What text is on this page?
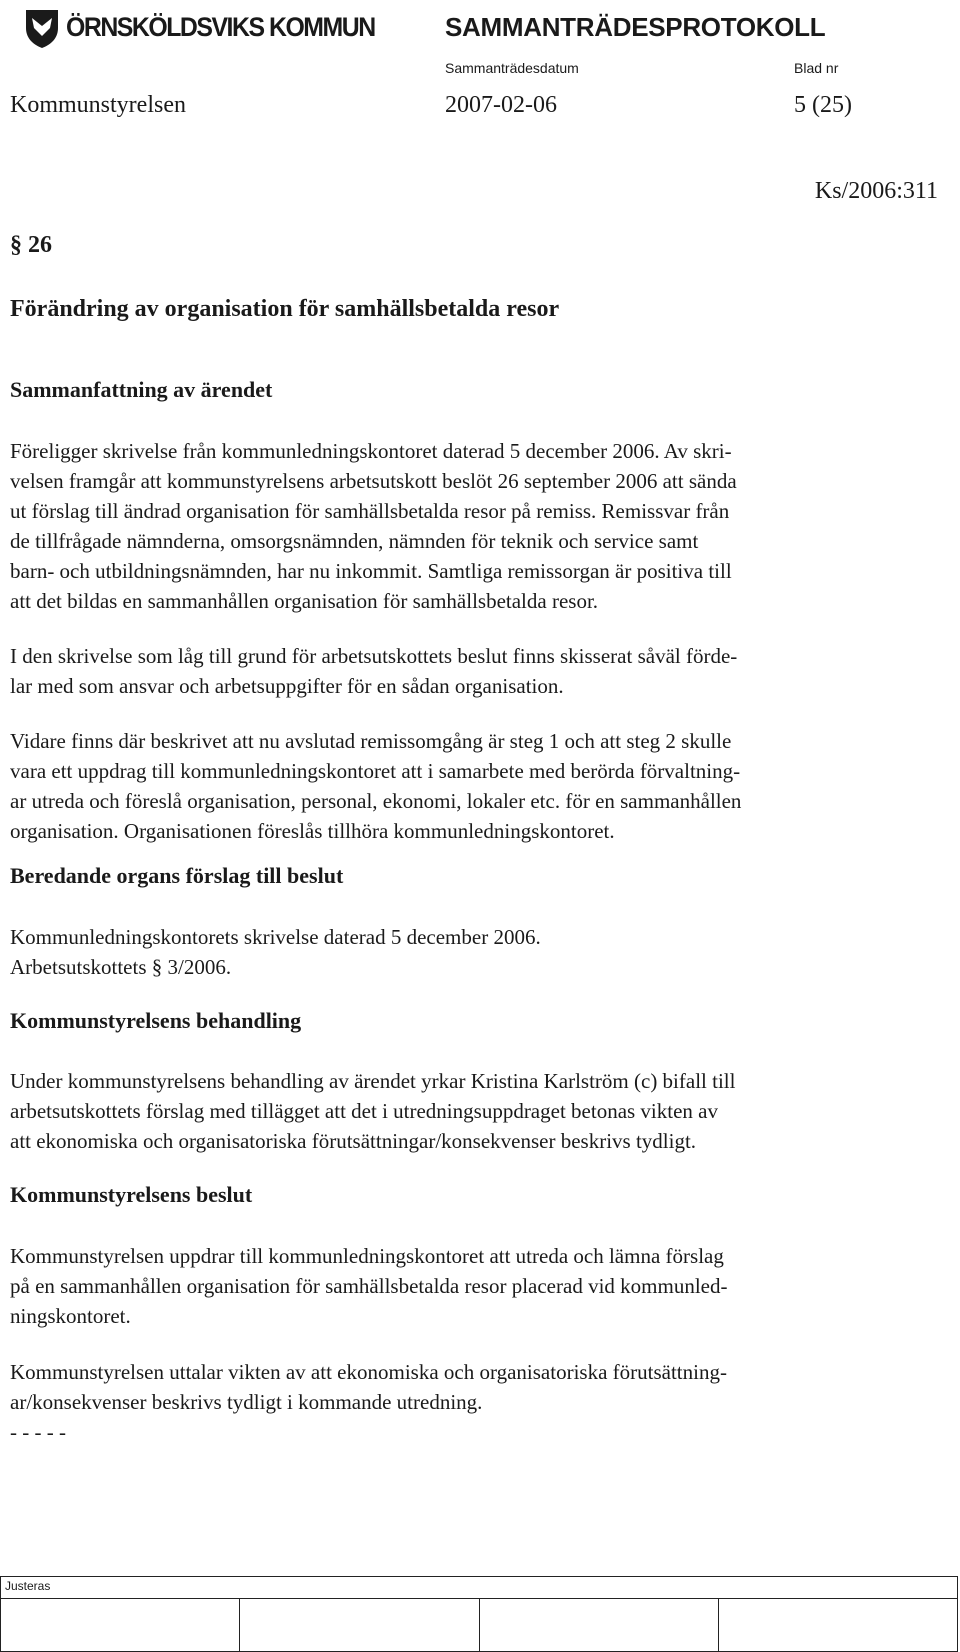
ÖRNSKÖLDSVIKS KOMMUN	SAMMANTRÄDESPROTOKOLL
Sammanträdesdatum	Blad nr
Kommunstyrelsen	2007-02-06	5 (25)
Ks/2006:311
§ 26
Förändring av organisation för samhällsbetalda resor
Sammanfattning av ärendet
Föreligger skrivelse från kommunledningskontoret daterad 5 december 2006. Av skri-
velsen framgår att kommunstyrelsens arbetsutskott beslöt 26 september 2006 att sända
ut förslag till ändrad organisation för samhällsbetalda resor på remiss. Remissvar från
de tillfrågade nämnderna, omsorgsnämnden, nämnden för teknik och service samt
barn- och utbildningsnämnden, har nu inkommit. Samtliga remissorgan är positiva till
att det bildas en sammanhållen organisation för samhällsbetalda resor.
I den skrivelse som låg till grund för arbetsutskottets beslut finns skisserat såväl förde-
lar med som ansvar och arbetsuppgifter för en sådan organisation.
Vidare finns där beskrivet att nu avslutad remissomgång är steg 1 och att steg 2 skulle
vara ett uppdrag till kommunledningskontoret att i samarbete med berörda förvaltning-
ar utreda och föreslå organisation, personal, ekonomi, lokaler etc. för en sammanhållen
organisation. Organisationen föreslås tillhöra kommunledningskontoret.
Beredande organs förslag till beslut
Kommunledningskontorets skrivelse daterad 5 december 2006.
Arbetsutskottets § 3/2006.
Kommunstyrelsens behandling
Under kommunstyrelsens behandling av ärendet yrkar Kristina Karlström (c) bifall till
arbetsutskottets förslag med tillägget att det i utredningsuppdraget betonas vikten av
att ekonomiska och organisatoriska förutsättningar/konsekvenser beskrivs tydligt.
Kommunstyrelsens beslut
Kommunstyrelsen uppdrar till kommunledningskontoret att utreda och lämna förslag
på en sammanhållen organisation för samhällsbetalda resor placerad vid kommunled-
ningskontoret.
Kommunstyrelsen uttalar vikten av att ekonomiska och organisatoriska förutsättning-
ar/konsekvenser beskrivs tydligt i kommande utredning.
- - - - -
Justeras
